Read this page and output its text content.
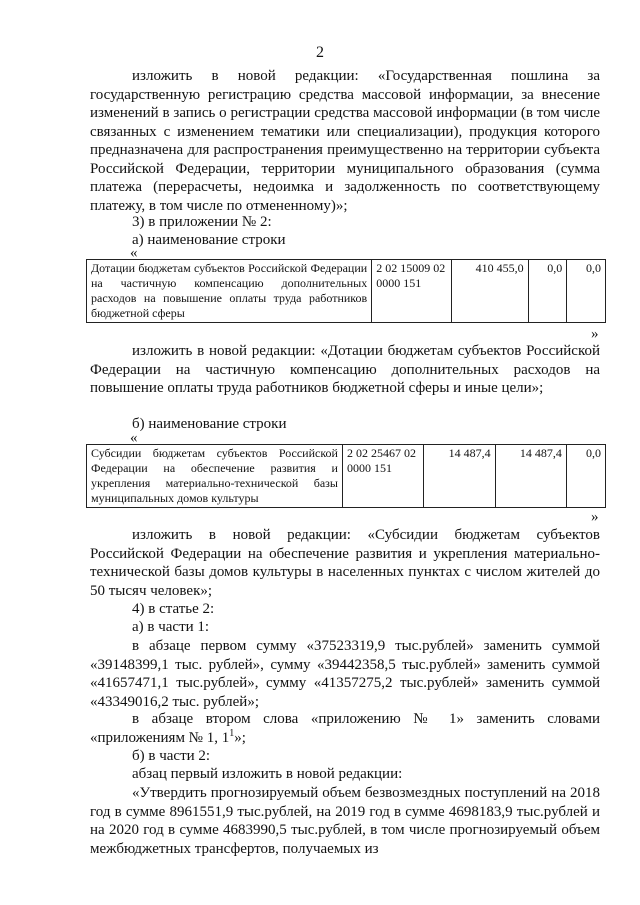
2

изложить в новой редакции: «Государственная пошлина за государственную регистрацию средства массовой информации, за внесение изменений в запись о регистрации средства массовой информации (в том числе связанных с изменением тематики или специализации), продукция которого предназначена для распространения преимущественно на территории субъекта Российской Федерации, территории муниципального образования (сумма платежа (перерасчеты, недоимка и задолженность по соответствующему платежу, в том числе по отмененному)»;

3) в приложении № 2:
а) наименование строки
«
Дотации бюджетам субъектов Российской Федерации на частичную компенсацию дополнительных расходов на повышение оплаты труда работников бюджетной сферы	2 02 15009 02 0000 151	410 455,0	0,0	0,0
»

изложить в новой редакции: «Дотации бюджетам субъектов Российской Федерации на частичную компенсацию дополнительных расходов на повышение оплаты труда работников бюджетной сферы и иные цели»;

б) наименование строки
«
Субсидии бюджетам субъектов Российской Федерации на обеспечение развития и укрепления материально-технической базы муниципальных домов культуры	2 02 25467 02 0000 151	14 487,4	14 487,4	0,0
»

изложить в новой редакции: «Субсидии бюджетам субъектов Российской Федерации на обеспечение развития и укрепления материально-технической базы домов культуры в населенных пунктах с числом жителей до 50 тысяч человек»;

4) в статье 2:
а) в части 1:

в абзаце первом сумму «37523319,9 тыс.рублей» заменить суммой «39148399,1 тыс. рублей», сумму «39442358,5 тыс.рублей» заменить суммой «41657471,1 тыс.рублей», сумму «41357275,2 тыс.рублей» заменить суммой «43349016,2 тыс. рублей»;

в абзаце втором слова «приложению № 1» заменить словами «приложениям № 1, $1^1$»;

б) в части 2:
абзац первый изложить в новой редакции:

«Утвердить прогнозируемый объем безвозмездных поступлений на 2018 год в сумме 8961551,9 тыс.рублей, на 2019 год в сумме 4698183,9 тыс.рублей и на 2020 год в сумме 4683990,5 тыс.рублей, в том числе прогнозируемый объем межбюджетных трансфертов, получаемых из
